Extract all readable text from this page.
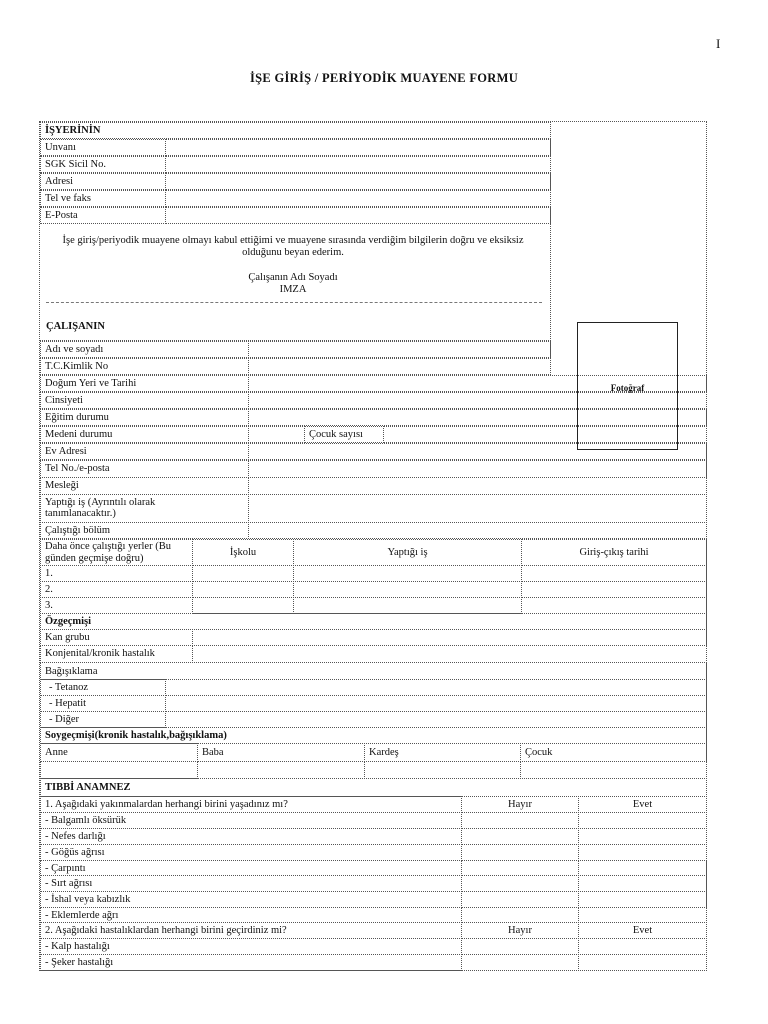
I
İŞE GİRİŞ / PERİYODİK MUAYENE FORMU
İŞYERİNİN
Unvanı
SGK Sicil No.
Adresi
Tel ve faks
E-Posta
İşe giriş/periyodik muayene olmayı kabul ettiğimi ve muayene sırasında verdiğim bilgilerin doğru ve eksiksiz olduğunu beyan ederim.
Çalışanın Adı Soyadı
IMZA
Fotoğraf
ÇALIŞANIN
Adı ve soyadı
T.C.Kimlik No
Doğum Yeri ve Tarihi
Cinsiyeti
Eğitim durumu
Medeni durumu	Çocuk sayısı
Ev Adresi
Tel No./e-posta
Mesleği
Yaptığı iş (Ayrıntılı olarak tanımlanacaktır.)
Çalıştığı bölüm
Daha önce çalıştığı yerler (Bu günden geçmişe doğru)	İşkolu	Yaptığı iş	Giriş-çıkış tarihi
1.
2.
3.
Özgeçmişi
Kan grubu
Konjenital/kronik hastalık
Bağışıklama
- Tetanoz
- Hepatit
- Diğer
Soygeçmişi(kronik hastalık,bağışıklama)
Anne	Baba	Kardeş	Çocuk
TIBBİ ANAMNEZ
1. Aşağıdaki yakınmalardan herhangi birini yaşadınız mı?	Hayır	Evet
- Balgamlı öksürük
- Nefes darlığı
- Göğüs ağrısı
- Çarpıntı
- Sırt ağrısı
- İshal veya kabızlık
- Eklemlerde ağrı
2. Aşağıdaki hastalıklardan herhangi birini geçirdiniz mi?	Hayır	Evet
- Kalp hastalığı
- Şeker hastalığı
